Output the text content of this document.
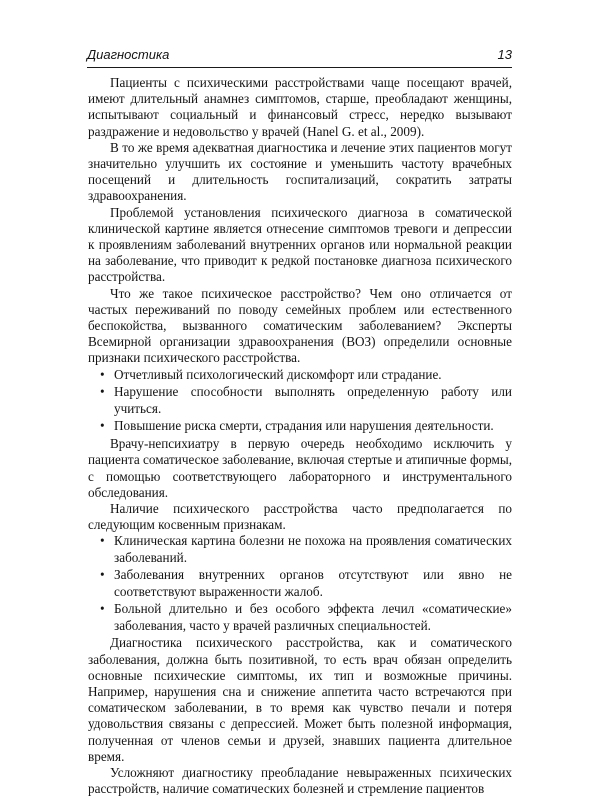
Диагностика	13

Пациенты с психическими расстройствами чаще посещают врачей, имеют длительный анамнез симптомов, старше, преобладают женщины, испытывают социальный и финансовый стресс, нередко вызывают раздражение и недовольство у врачей (Hanel G. et al., 2009).

В то же время адекватная диагностика и лечение этих пациентов могут значительно улучшить их состояние и уменьшить частоту врачебных посещений и длительность госпитализаций, сократить затраты здравоохранения.

Проблемой установления психического диагноза в соматической клинической картине является отнесение симптомов тревоги и депрессии к проявлениям заболеваний внутренних органов или нормальной реакции на заболевание, что приводит к редкой постановке диагноза психического расстройства.

Что же такое психическое расстройство? Чем оно отличается от частых переживаний по поводу семейных проблем или естественного беспокойства, вызванного соматическим заболеванием? Эксперты Всемирной организации здравоохранения (ВОЗ) определили основные признаки психического расстройства.

• Отчетливый психологический дискомфорт или страдание.
• Нарушение способности выполнять определенную работу или учиться.
• Повышение риска смерти, страдания или нарушения деятельности.

Врачу-непсихиатру в первую очередь необходимо исключить у пациента соматическое заболевание, включая стертые и атипичные формы, с помощью соответствующего лабораторного и инструментального обследования.

Наличие психического расстройства часто предполагается по следующим косвенным признакам.

• Клиническая картина болезни не похожа на проявления соматических заболеваний.
• Заболевания внутренних органов отсутствуют или явно не соответствуют выраженности жалоб.
• Больной длительно и без особого эффекта лечил «соматические» заболевания, часто у врачей различных специальностей.

Диагностика психического расстройства, как и соматического заболевания, должна быть позитивной, то есть врач обязан определить основные психические симптомы, их тип и возможные причины. Например, нарушения сна и снижение аппетита часто встречаются при соматическом заболевании, в то время как чувство печали и потеря удовольствия связаны с депрессией. Может быть полезной информация, полученная от членов семьи и друзей, знавших пациента длительное время.

Усложняют диагностику преобладание невыраженных психических расстройств, наличие соматических болезней и стремление пациентов
